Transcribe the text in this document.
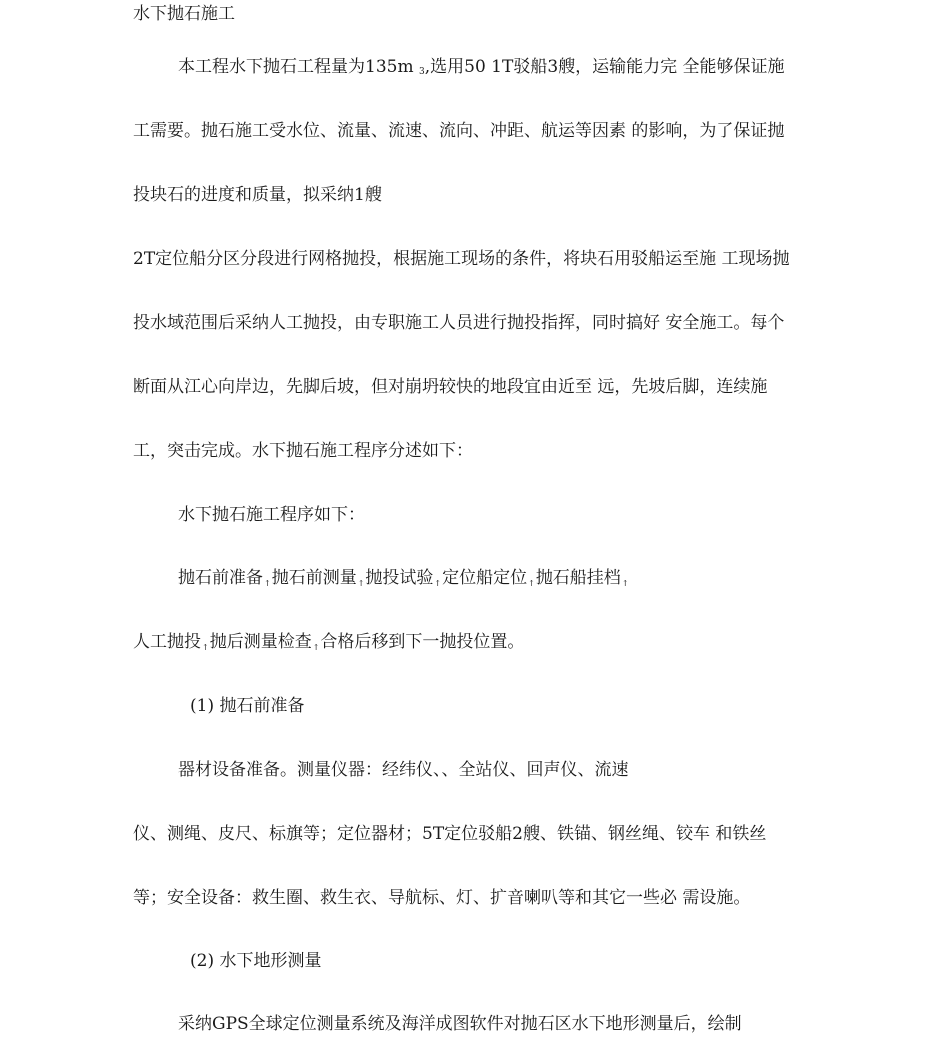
水下抛石施工
本工程水下抛石工程量为135m $_3$,选用50 1T驳船3艘，运输能力完 全能够保证施
工需要。抛石施工受水位、流量、流速、流向、冲距、航运等因素 的影响，为了保证抛
投块石的进度和质量，拟采纳1艘
2T定位船分区分段进行网格抛投，根据施工现场的条件，将块石用驳船运至施 工现场抛
投水域范围后采纳人工抛投，由专职施工人员进行抛投指挥，同时搞好 安全施工。每个
断面从江心向岸边，先脚后坡，但对崩坍较快的地段宜由近至 远，先坡后脚，连续施
工，突击完成。水下抛石施工程序分述如下：
水下抛石施工程序如下：
抛石前准备↑抛石前测量↑抛投试验↑定位船定位↑抛石船挂档↑
人工抛投↑抛后测量检查↑合格后移到下一抛投位置。
(1) 抛石前准备
器材设备准备。测量仪器：经纬仪、、全站仪、回声仪、流速
仪、测绳、皮尺、标旗等；定位器材；5T定位驳船2艘、铁锚、钢丝绳、铰车 和铁丝
等；安全设备：救生圈、救生衣、导航标、灯、扩音喇叭等和其它一些必 需设施。
(2) 水下地形测量
采纳GPS全球定位测量系统及海洋成图软件对抛石区水下地形测量后，绘制
